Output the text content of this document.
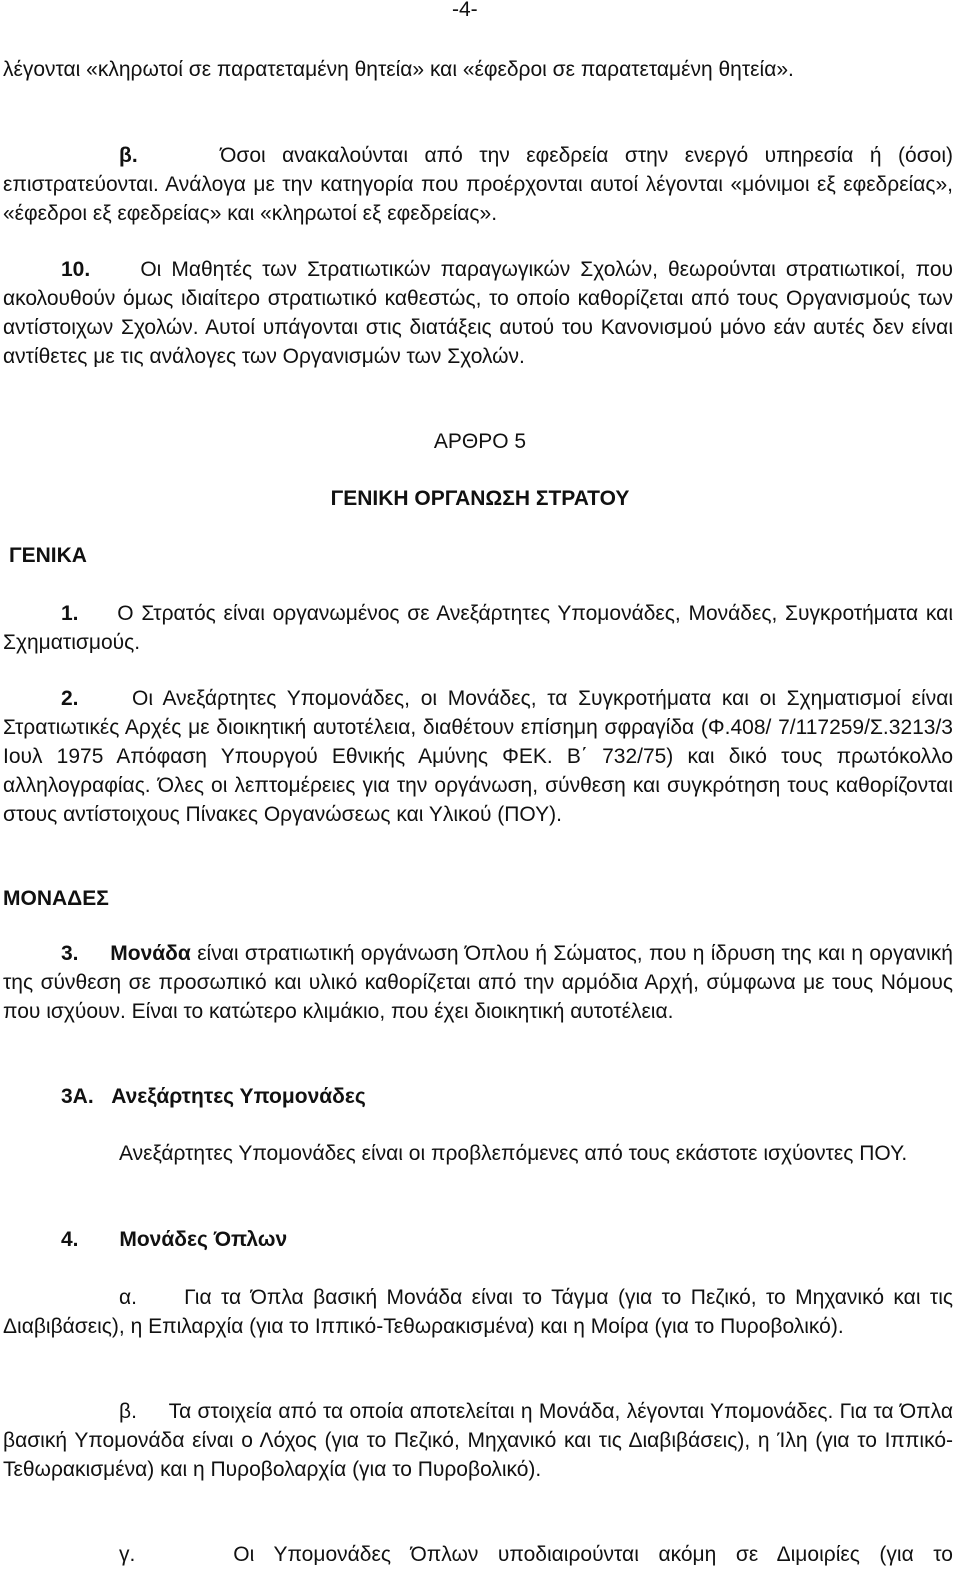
-4-

λέγονται «κληρωτοί σε παρατεταμένη θητεία» και «έφεδροι σε παρατεταμένη θητεία».

β.	Όσοι ανακαλούνται από την εφεδρεία στην ενεργό υπηρεσία ή (όσοι) επιστρατεύονται. Ανάλογα με την κατηγορία που προέρχονται αυτοί λέγονται «μόνιμοι εξ εφεδρείας», «έφεδροι εξ εφεδρείας» και «κληρωτοί εξ εφεδρείας».

10. Οι Μαθητές των Στρατιωτικών παραγωγικών Σχολών, θεωρούνται στρατιωτικοί, που ακολουθούν όμως ιδιαίτερο στρατιωτικό καθεστώς, το οποίο καθορίζεται από τους Οργανισμούς των αντίστοιχων Σχολών. Αυτοί υπάγονται στις διατάξεις αυτού του Κανονισμού μόνο εάν αυτές δεν είναι αντίθετες με τις ανάλογες των Οργανισμών των Σχολών.

ΑΡΘΡΟ 5

ΓΕΝΙΚΗ ΟΡΓΑΝΩΣΗ ΣΤΡΑΤΟΥ

ΓΕΝΙΚΑ

1. Ο Στρατός είναι οργανωμένος σε Ανεξάρτητες Υπομονάδες, Μονάδες, Συγκροτήματα και Σχηματισμούς.

2.	Οι Ανεξάρτητες Υπομονάδες, οι Μονάδες, τα Συγκροτήματα και οι Σχηματισμοί είναι Στρατιωτικές Αρχές με διοικητική αυτοτέλεια, διαθέτουν επίσημη σφραγίδα (Φ.408/ 7/117259/Σ.3213/3 Ιουλ 1975 Απόφαση Υπουργού Εθνικής Αμύνης ΦΕΚ. Β΄ 732/75) και δικό τους πρωτόκολλο αλληλογραφίας. Όλες οι λεπτομέρειες για την οργάνωση, σύνθεση και συγκρότηση τους καθορίζονται στους αντίστοιχους Πίνακες Οργανώσεως και Υλικού (ΠΟΥ).

ΜΟΝΑΔΕΣ

3. Μονάδα είναι στρατιωτική οργάνωση Όπλου ή Σώματος, που η ίδρυση της και η οργανική της σύνθεση σε προσωπικό και υλικό καθορίζεται από την αρμόδια Αρχή, σύμφωνα με τους Νόμους που ισχύουν. Είναι το κατώτερο κλιμάκιο, που έχει διοικητική αυτοτέλεια.

3Α. Ανεξάρτητες Υπομονάδες

Ανεξάρτητες Υπομονάδες είναι οι προβλεπόμενες από τους εκάστοτε ισχύοντες ΠΟΥ.

4. Μονάδες Όπλων

α. Για τα Όπλα βασική Μονάδα είναι το Τάγμα (για το Πεζικό, το Μηχανικό και τις Διαβιβάσεις), η Επιλαρχία (για το Ιππικό-Τεθωρακισμένα) και η Μοίρα (για το Πυροβολικό).

β. Τα στοιχεία από τα οποία αποτελείται η Μονάδα, λέγονται Υπομονάδες. Για τα Όπλα βασική Υπομονάδα είναι ο Λόχος (για το Πεζικό, Μηχανικό και τις Διαβιβάσεις), η Ίλη (για το Ιππικό-Τεθωρακισμένα) και η Πυροβολαρχία (για το Πυροβολικό).

γ.	Οι Υπομονάδες Όπλων υποδιαιρούνται ακόμη σε Διμοιρίες (για το
